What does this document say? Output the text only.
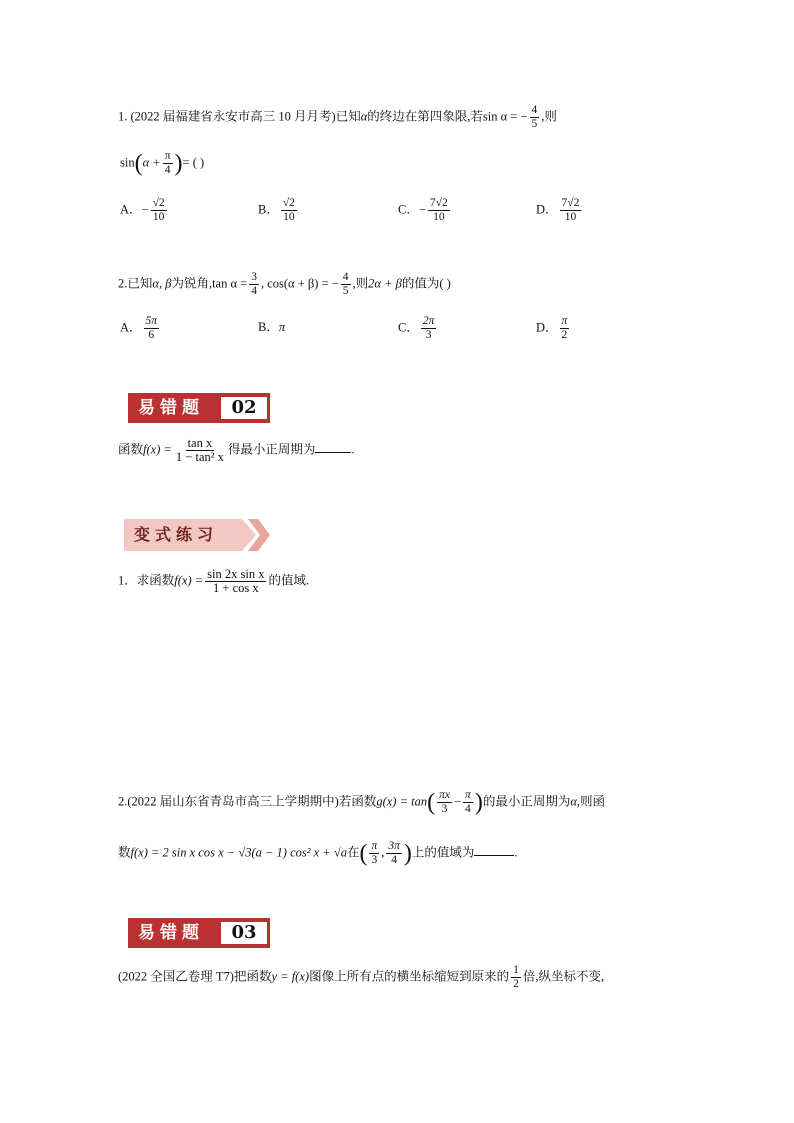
1. (2022 届福建省永安市高三 10 月月考)已知α的终边在第四象限,若sin α = − $\frac{4}{5}$ ,则
$\sin(\alpha + \frac{\pi}{4}$ )= ( )
A．− $\frac{√2}{10}$	B． $\frac{√2}{10}$	C．− $\frac{7√2}{10}$	D． $\frac{7√2}{10}$
2.已知α, β为锐角,tan $\alpha = \frac{3}{4}$ , cos(α + β) = − $\frac{4}{5}$ ,则2α + β的值为( )
A． $\frac{5\pi}{6}$	B．π	C． $\frac{2\pi}{3}$	D． $\frac{\pi}{2}$
易错题	02
函数$f(x) = \frac{\text{tan x}}{\text{1 − tan² x}}$ 得最小正周期为	.
变式练习
1．求函数$f(x) = \frac{\text{sin 2x sin x}}{\text{1 + cos x}}$ 的值域.
2.(2022 届山东省青岛市高三上学期期中)若函数$g(x) = \tan( \frac{\pi x}{3} - \frac{\pi}{4}$ )的最小正周期为α,则函
数f(x) = 2 sin x cos x − √3(a − 1) cos² x + √a在( $\frac{\pi}{3}$ , $\frac{3\pi}{4}$ )上的值域为	.
易错题	03
(2022 全国乙卷理 T7)把函数y = f(x)图像上所有点的横坐标缩短到原来的 $\frac{1}{2}$ 倍,纵坐标不变,
